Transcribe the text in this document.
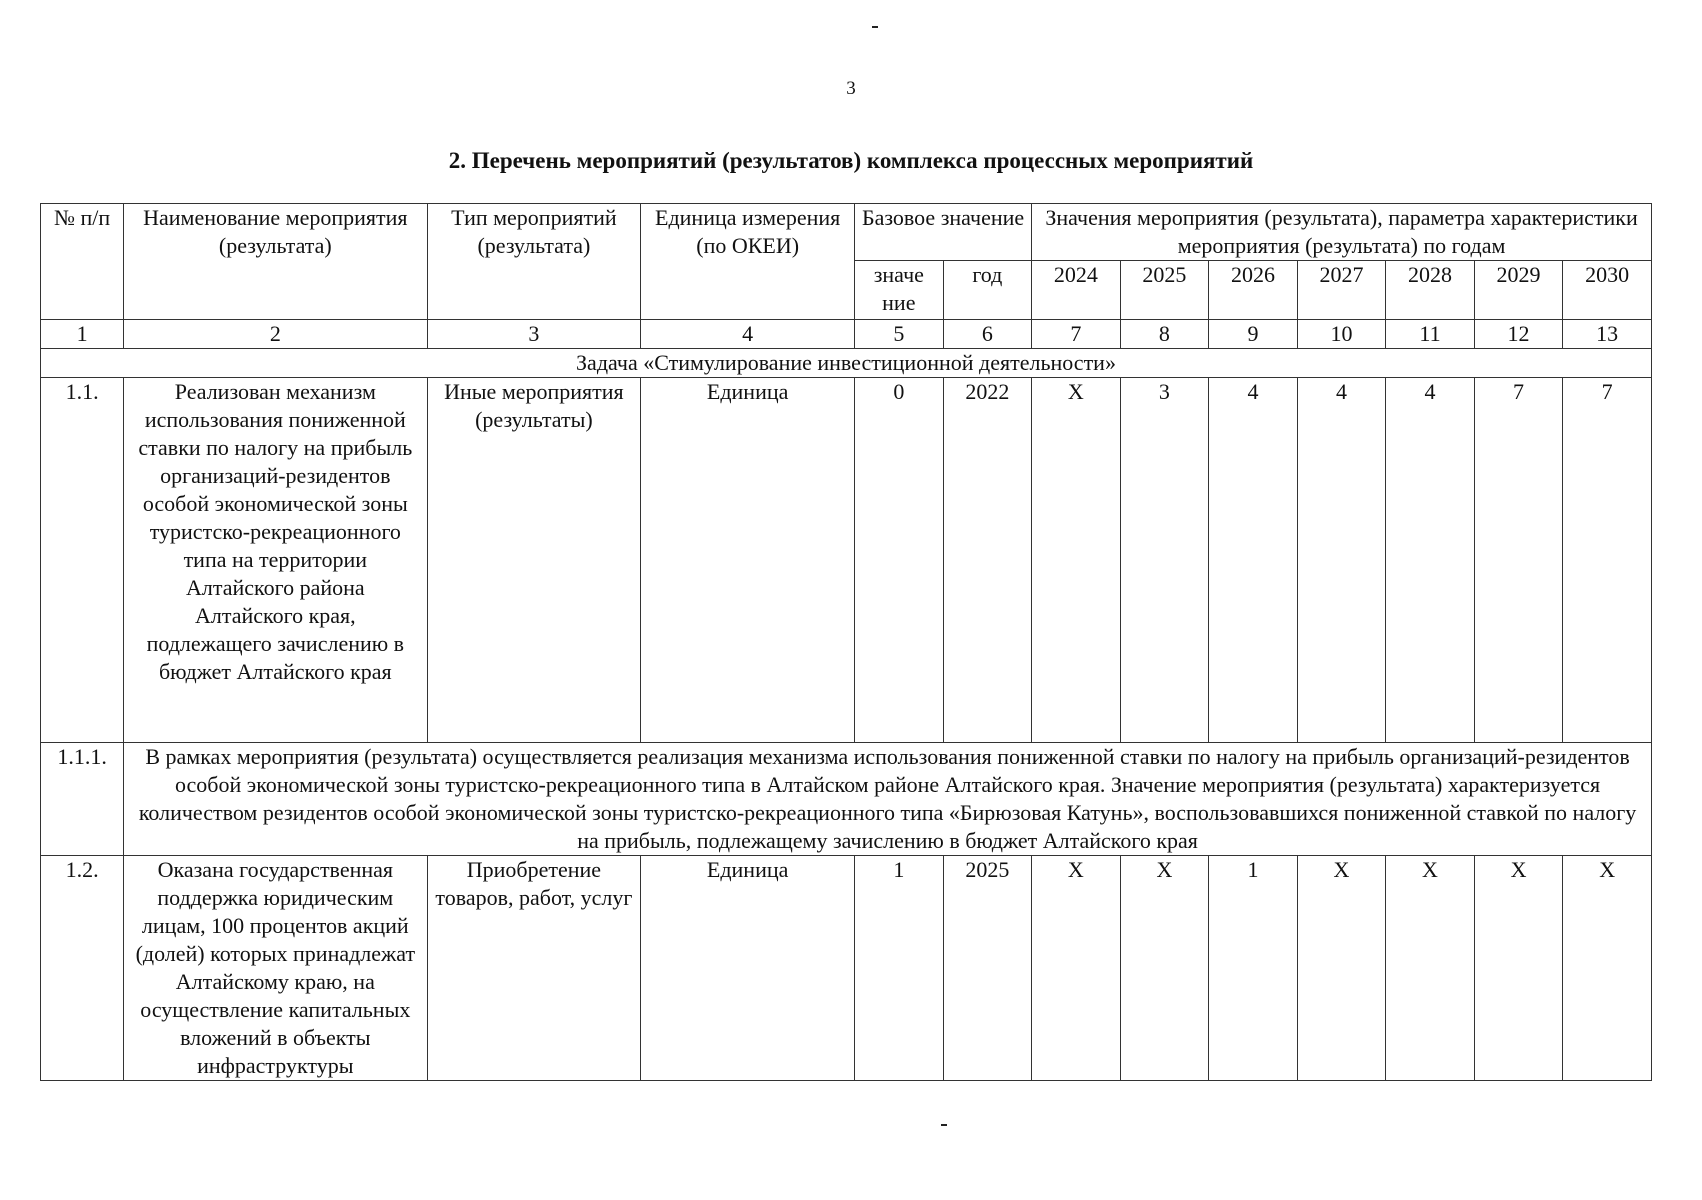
3
2. Перечень мероприятий (результатов) комплекса процессных мероприятий
№ п/п	Наименование мероприятия (результата)	Тип мероприятий (результата)	Единица измерения (по ОКЕИ)	Базовое значение		Значения мероприятия (результата), параметра характеристики мероприятия (результата) по годам						

				значе ние	год	2024	2025	2026	2027	2028	2029	2030
1	2	3	4	5	6	7	8	9	10	11	12	13
Задача «Стимулирование инвестиционной деятельности»												
1.1.	Реализован механизм использования пониженной ставки по налогу на прибыль организаций-резидентов особой экономической зоны туристско-рекреационного типа на территории Алтайского района Алтайского края, подлежащего зачислению в бюджет Алтайского края	Иные мероприятия (результаты)	Единица	0	2022	X	3	4	4	4	7	7
1.1.1.	В рамках мероприятия (результата) осуществляется реализация механизма использования пониженной ставки по налогу на прибыль организаций-резидентов особой экономической зоны туристско-рекреационного типа в Алтайском районе Алтайского края. Значение мероприятия (результата) характеризуется количеством резидентов особой экономической зоны туристско-рекреационного типа «Бирюзовая Катунь», воспользовавшихся пониженной ставкой по налогу на прибыль, подлежащему зачислению в бюджет Алтайского края											
1.2.	Оказана государственная поддержка юридическим лицам, 100 процентов акций (долей) которых принадлежат Алтайскому краю, на осуществление капитальных вложений в объекты инфраструктуры	Приобретение товаров, работ, услуг	Единица	1	2025	X	X	1	X	X	X	X
